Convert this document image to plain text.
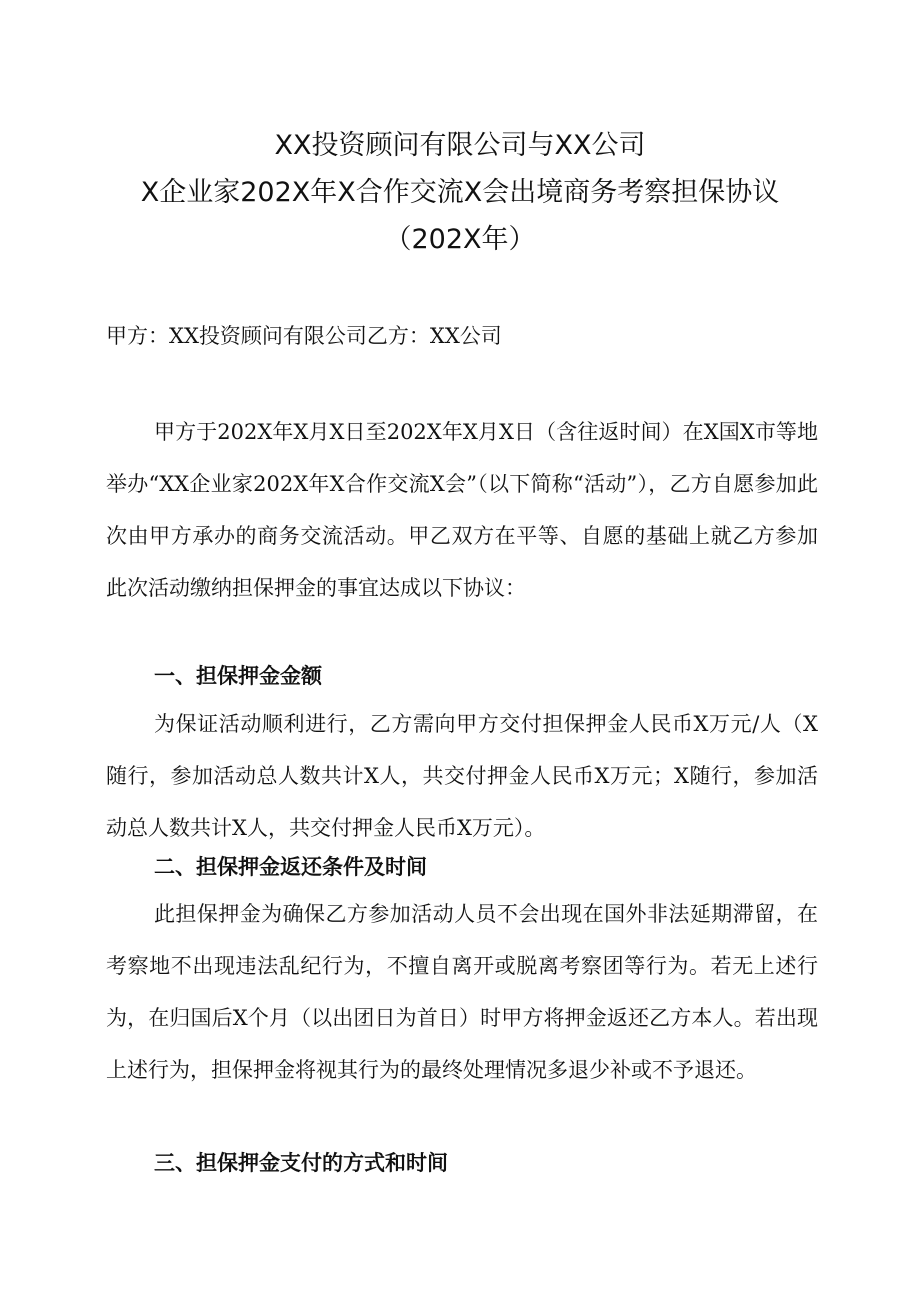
XX投资顾问有限公司与XX公司
X企业家202X年X合作交流X会出境商务考察担保协议
（202X年）
甲方：XX投资顾问有限公司乙方：XX公司

甲方于202X年X月X日至202X年X月X日（含往返时间）在X国X市等地举办“XX企业家202X年X合作交流X会”（以下简称“活动”），乙方自愿参加此次由甲方承办的商务交流活动。甲乙双方在平等、自愿的基础上就乙方参加此次活动缴纳担保押金的事宜达成以下协议：

一、担保押金金额

为保证活动顺利进行，乙方需向甲方交付担保押金人民币X万元/人（X随行，参加活动总人数共计X人，共交付押金人民币X万元；X随行，参加活动总人数共计X人，共交付押金人民币X万元）。

二、担保押金返还条件及时间

此担保押金为确保乙方参加活动人员不会出现在国外非法延期滞留，在考察地不出现违法乱纪行为，不擅自离开或脱离考察团等行为。若无上述行为，在归国后X个月（以出团日为首日）时甲方将押金返还乙方本人。若出现上述行为，担保押金将视其行为的最终处理情况多退少补或不予退还。

三、担保押金支付的方式和时间
